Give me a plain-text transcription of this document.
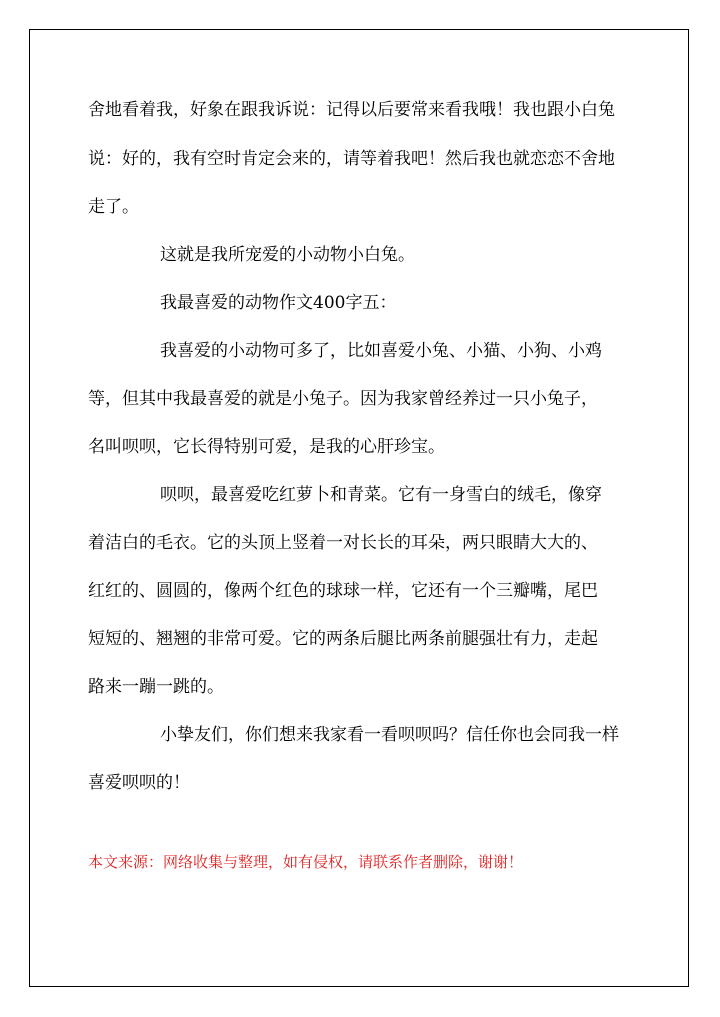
舍地看着我，好象在跟我诉说：记得以后要常来看我哦！我也跟小白兔
说：好的，我有空时肯定会来的，请等着我吧！然后我也就恋恋不舍地
走了。
这就是我所宠爱的小动物小白兔。
我最喜爱的动物作文400字五：
我喜爱的小动物可多了，比如喜爱小兔、小猫、小狗、小鸡
等，但其中我最喜爱的就是小兔子。因为我家曾经养过一只小兔子，
名叫呗呗，它长得特别可爱，是我的心肝珍宝。
呗呗，最喜爱吃红萝卜和青菜。它有一身雪白的绒毛，像穿
着洁白的毛衣。它的头顶上竖着一对长长的耳朵，两只眼睛大大的、
红红的、圆圆的，像两个红色的球球一样，它还有一个三瓣嘴，尾巴
短短的、翘翘的非常可爱。它的两条后腿比两条前腿强壮有力，走起
路来一蹦一跳的。
小挚友们，你们想来我家看一看呗呗吗？信任你也会同我一样
喜爱呗呗的！
本文来源：网络收集与整理，如有侵权，请联系作者删除，谢谢！
